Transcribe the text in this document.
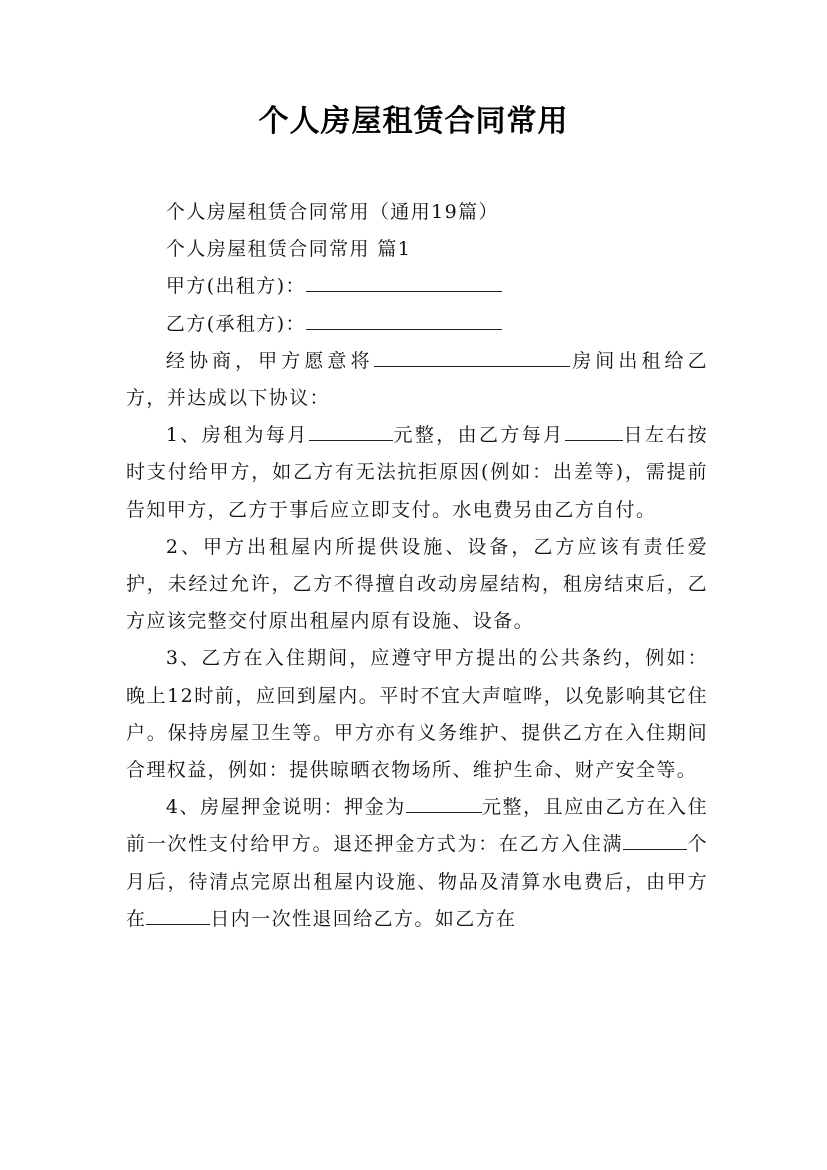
个人房屋租赁合同常用

个人房屋租赁合同常用（通用19篇）

个人房屋租赁合同常用 篇1

甲方(出租方)：

乙方(承租方)：

经协商，甲方愿意将	房间出租给乙方，并达成以下协议：

1、房租为每月	元整，由乙方每月	日左右按时支付给甲方，如乙方有无法抗拒原因(例如：出差等)，需提前告知甲方，乙方于事后应立即支付。水电费另由乙方自付。

2、甲方出租屋内所提供设施、设备，乙方应该有责任爱护，未经过允许，乙方不得擅自改动房屋结构，租房结束后，乙方应该完整交付原出租屋内原有设施、设备。

3、乙方在入住期间，应遵守甲方提出的公共条约，例如：晚上12时前，应回到屋内。平时不宜大声喧哗，以免影响其它住户。保持房屋卫生等。甲方亦有义务维护、提供乙方在入住期间合理权益，例如：提供晾晒衣物场所、维护生命、财产安全等。

4、房屋押金说明：押金为	元整，且应由乙方在入住前一次性支付给甲方。退还押金方式为：在乙方入住满	个月后，待清点完原出租屋内设施、物品及清算水电费后，由甲方在	日内一次性退回给乙方。如乙方在
